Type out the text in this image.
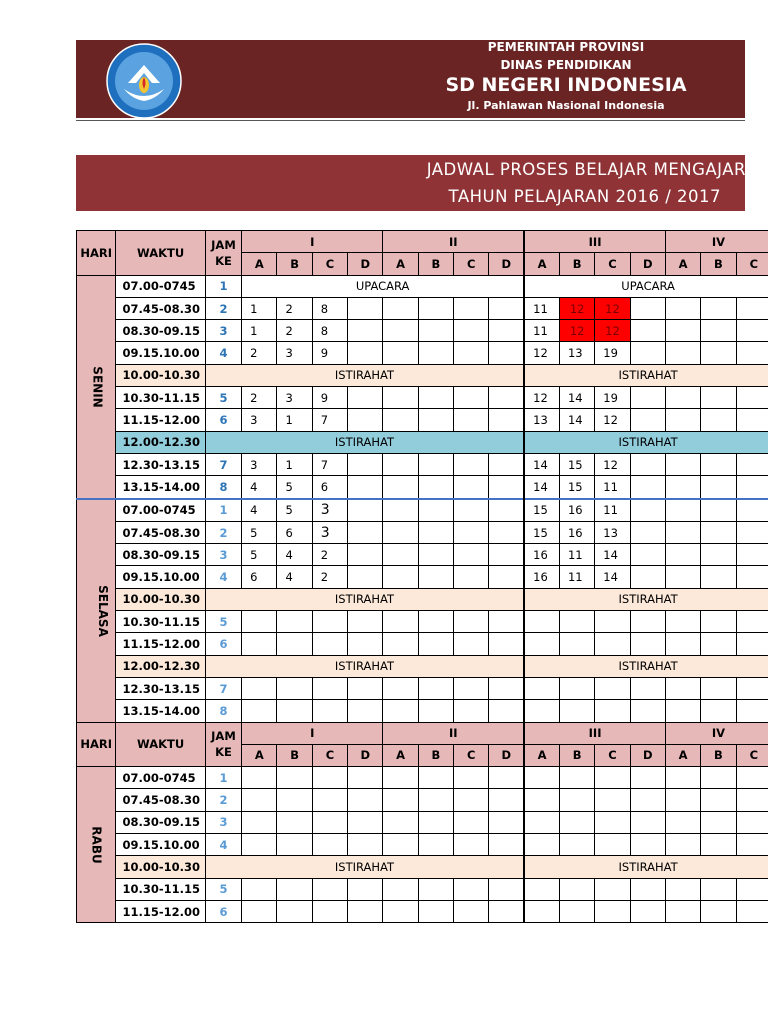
PEMERINTAH PROVINSI
DINAS PENDIDIKAN
SD NEGERI INDONESIA
Jl. Pahlawan Nasional Indonesia
JADWAL PROSES BELAJAR MENGAJAR
TAHUN PELAJARAN 2016 / 2017
HARI	WAKTU	JAM KE	I				II				III				IV		
			A	B	C	D	A	B	C	D	A	B	C	D	A	B	C
SENIN	07.00-0745	1	UPACARA								UPACARA						
	07.45-08.30	2	1	2	8						11	12	12				
	08.30-09.15	3	1	2	8						11	12	12				
	09.15.10.00	4	2	3	9						12	13	19				
	10.00-10.30	ISTIRAHAT									ISTIRAHAT						
	10.30-11.15	5	2	3	9						12	14	19				
	11.15-12.00	6	3	1	7						13	14	12				
	12.00-12.30	ISTIRAHAT									ISTIRAHAT						
	12.30-13.15	7	3	1	7						14	15	12				
	13.15-14.00	8	4	5	6						14	15	11				
SELASA	07.00-0745	1	4	5	3						15	16	11				
	07.45-08.30	2	5	6	3						15	16	13				
	08.30-09.15	3	5	4	2						16	11	14				
	09.15.10.00	4	6	4	2						16	11	14				
	10.00-10.30	ISTIRAHAT									ISTIRAHAT						
	10.30-11.15	5															
	11.15-12.00	6															
	12.00-12.30	ISTIRAHAT									ISTIRAHAT						
	12.30-13.15	7															
	13.15-14.00	8															
HARI	WAKTU	JAM KE	I				II				III				IV		
			A	B	C	D	A	B	C	D	A	B	C	D	A	B	C
RABU	07.00-0745	1															
	07.45-08.30	2															
	08.30-09.15	3															
	09.15.10.00	4															
	10.00-10.30	ISTIRAHAT									ISTIRAHAT						
	10.30-11.15	5															
	11.15-12.00	6															
